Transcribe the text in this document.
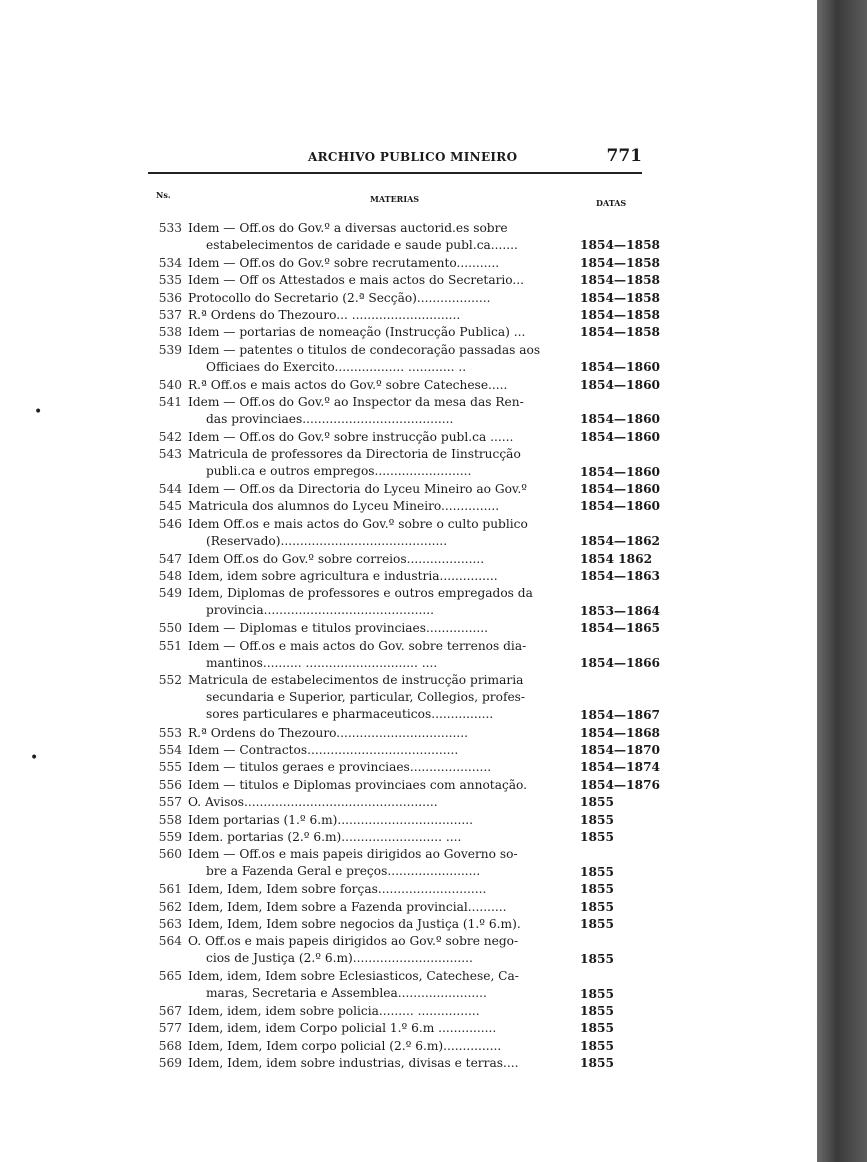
ARCHIVO PUBLICO MINEIRO	771
Ns.	MATERIAS	DATAS
533 Idem — Off.os do Gov.º a diversas auctorid.es sobre
estabelecimentos de caridade e saude publ.ca.......	1854—1858
534 Idem — Off.os do Gov.º sobre recrutamento...........	1854—1858
535 Idem — Off os Attestados e mais actos do Secretario...	1854—1858
536 Protocollo do Secretario (2.ª Secção)...................	1854—1858
537 R.ª Ordens do Thezouro... ............................	1854—1858
538 Idem — portarias de nomeação (Instrucção Publica) ...	1854—1858
539 Idem — patentes o titulos de condecoração passadas aos
Officiaes do Exercito.................. ............ ..	1854—1860
540 R.ª Off.os e mais actos do Gov.º sobre Catechese.....	1854—1860
541 Idem — Off.os do Gov.º ao Inspector da mesa das Ren-
das provinciaes.......................................	1854—1860
542 Idem — Off.os do Gov.º sobre instrucção publ.ca ......	1854—1860
543 Matricula de professores da Directoria de Iinstrucção
publi.ca e outros empregos.........................	1854—1860
544 Idem — Off.os da Directoria do Lyceu Mineiro ao Gov.º	1854—1860
545 Matricula dos alumnos do Lyceu Mineiro...............	1854—1860
546 Idem Off.os e mais actos do Gov.º sobre o culto publico
(Reservado)...........................................	1854—1862
547 Idem Off.os do Gov.º sobre correios....................	1854 1862
548 Idem, idem sobre agricultura e industria...............	1854—1863
549 Idem, Diplomas de professores e outros empregados da
provincia............................................	1853—1864
550 Idem — Diplomas e titulos provinciaes................	1854—1865
551 Idem — Off.os e mais actos do Gov. sobre terrenos dia-
mantinos.......... ............................. ....	1854—1866
552 Matricula de estabelecimentos de instrucção primaria
secundaria e Superior, particular, Collegios, profes-
sores particulares e pharmaceuticos................	1854—1867
553 R.ª Ordens do Thezouro..................................	1854—1868
554 Idem — Contractos.......................................	1854—1870
555 Idem — titulos geraes e provinciaes.....................	1854—1874
556 Idem — titulos e Diplomas provinciaes com annotação.	1854—1876
557 O. Avisos..................................................	1855
558 Idem portarias (1.º 6.m)...................................	1855
559 Idem. portarias (2.º 6.m).......................... ....	1855
560 Idem — Off.os e mais papeis dirigidos ao Governo so-
bre a Fazenda Geral e preços........................	1855
561 Idem, Idem, Idem sobre forças............................	1855
562 Idem, Idem, Idem sobre a Fazenda provincial..........	1855
563 Idem, Idem, Idem sobre negocios da Justiça (1.º 6.m).	1855
564 O. Off.os e mais papeis dirigidos ao Gov.º sobre nego-
cios de Justiça (2.º 6.m)...............................	1855
565 Idem, idem, Idem sobre Eclesiasticos, Catechese, Ca-
maras, Secretaria e Assemblea.......................	1855
567 Idem, idem, idem sobre policia......... ................	1855
577 Idem, idem, idem Corpo policial 1.º 6.m ...............	1855
568 Idem, Idem, Idem corpo policial (2.º 6.m)...............	1855
569 Idem, Idem, idem sobre industrias, divisas e terras....	1855
•
•
